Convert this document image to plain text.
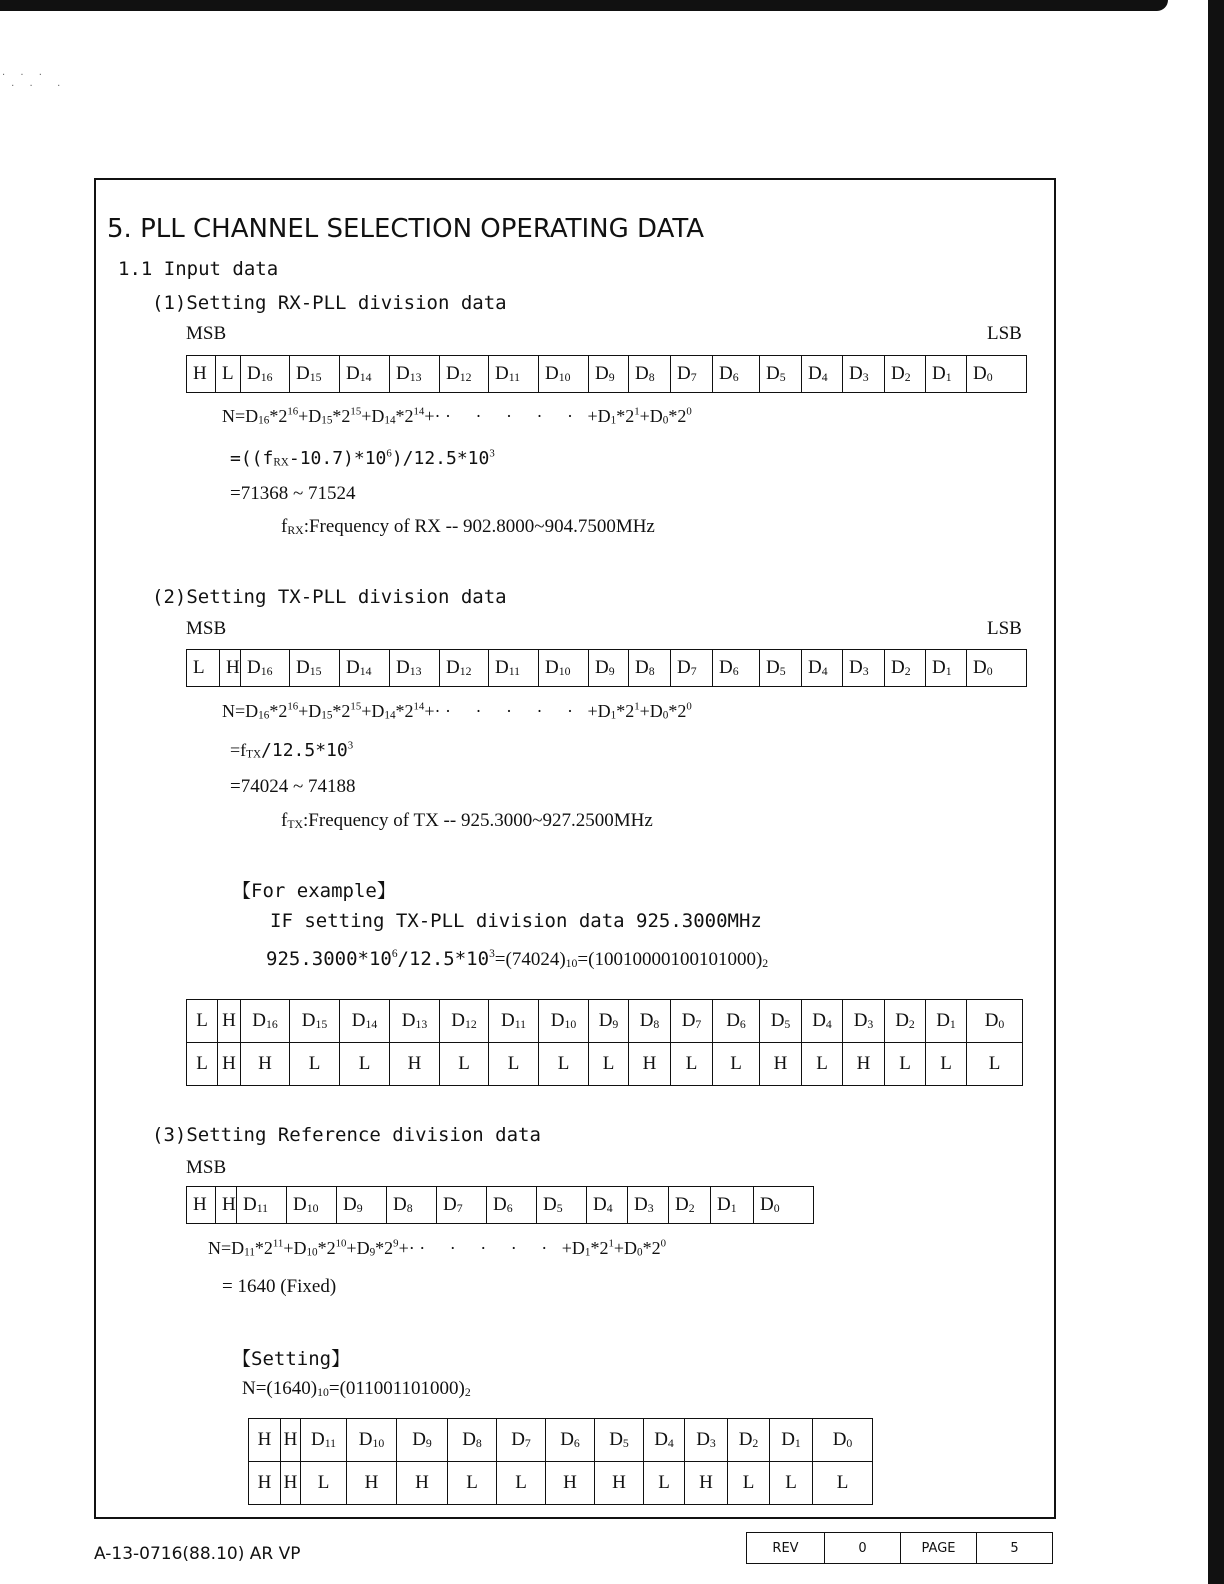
· · ·
· ·  ·
5. PLL CHANNEL SELECTION OPERATING DATA
1.1 Input data
(1)Setting RX-PLL division data
MSB	LSB
H	L	$D_{16}$	$D_{15}$	$D_{14}$	$D_{13}$	$D_{12}$	$D_{11}$	$D_{10}$	$D_9$	$D_8$	$D_7$	$D_6$	$D_5$	$D_4$	$D_3$	$D_2$	$D_1$	$D_0$
$N=D_{16}*2^{16}+D_{15}*2^{15}+D_{14}*2^{14}+\cdot$ · · · · · $+D_1*2^1+D_0*2^0$
$=((f_{RX}-10.7)*10^6)/12.5*10^3$
=71368 ~ 71524
$f_{RX}:Frequency$ of RX -- 902.8000~904.7500MHz
(2)Setting TX-PLL division data
MSB	LSB
L	H	$D_{16}$	$D_{15}$	$D_{14}$	$D_{13}$	$D_{12}$	$D_{11}$	$D_{10}$	$D_9$	$D_8$	$D_7$	$D_6$	$D_5$	$D_4$	$D_3$	$D_2$	$D_1$	$D_0$
$N=D_{16}*2^{16}+D_{15}*2^{15}+D_{14}*2^{14}+\cdot$ · · · · · $+D_1*2^1+D_0*2^0$
$=f_{TX}/12.5*10^3$
=74024 ~ 74188
$f_{TX}:Frequency$ of TX -- 925.3000~927.2500MHz
【For example】
IF setting TX-PLL division data 925.3000MHz
$925.3000*10^6/12.5*10^3=(74024)_{10}=(10010000100101000)_2$
L	H	$D_{16}$	$D_{15}$	$D_{14}$	$D_{13}$	$D_{12}$	$D_{11}$	$D_{10}$	$D_9$	$D_8$	$D_7$	$D_6$	$D_5$	$D_4$	$D_3$	$D_2$	$D_1$	$D_0$
L	H	H	L	L	H	L	L	L	L	H	L	L	H	L	H	L	L	L
(3)Setting Reference division data
MSB
H	H	$D_{11}$	$D_{10}$	$D_9$	$D_8$	$D_7$	$D_6$	$D_5$	$D_4$	$D_3$	$D_2$	$D_1$	$D_0$
$N=D_{11}*2^{11}+D_{10}*2^{10}+D_9*2^9+\cdot$ · · · · · $+D_1*2^1+D_0*2^0$
= 1640 (Fixed)
【Setting】
$N=(1640)_{10}=(011001101000)_2$
H	H	$D_{11}$	$D_{10}$	$D_9$	$D_8$	$D_7$	$D_6$	$D_5$	$D_4$	$D_3$	$D_2$	$D_1$	$D_0$
H	H	L	H	H	L	L	H	H	L	H	L	L	L
A-13-0716(88.10) AR VP	REV	0	PAGE	5
